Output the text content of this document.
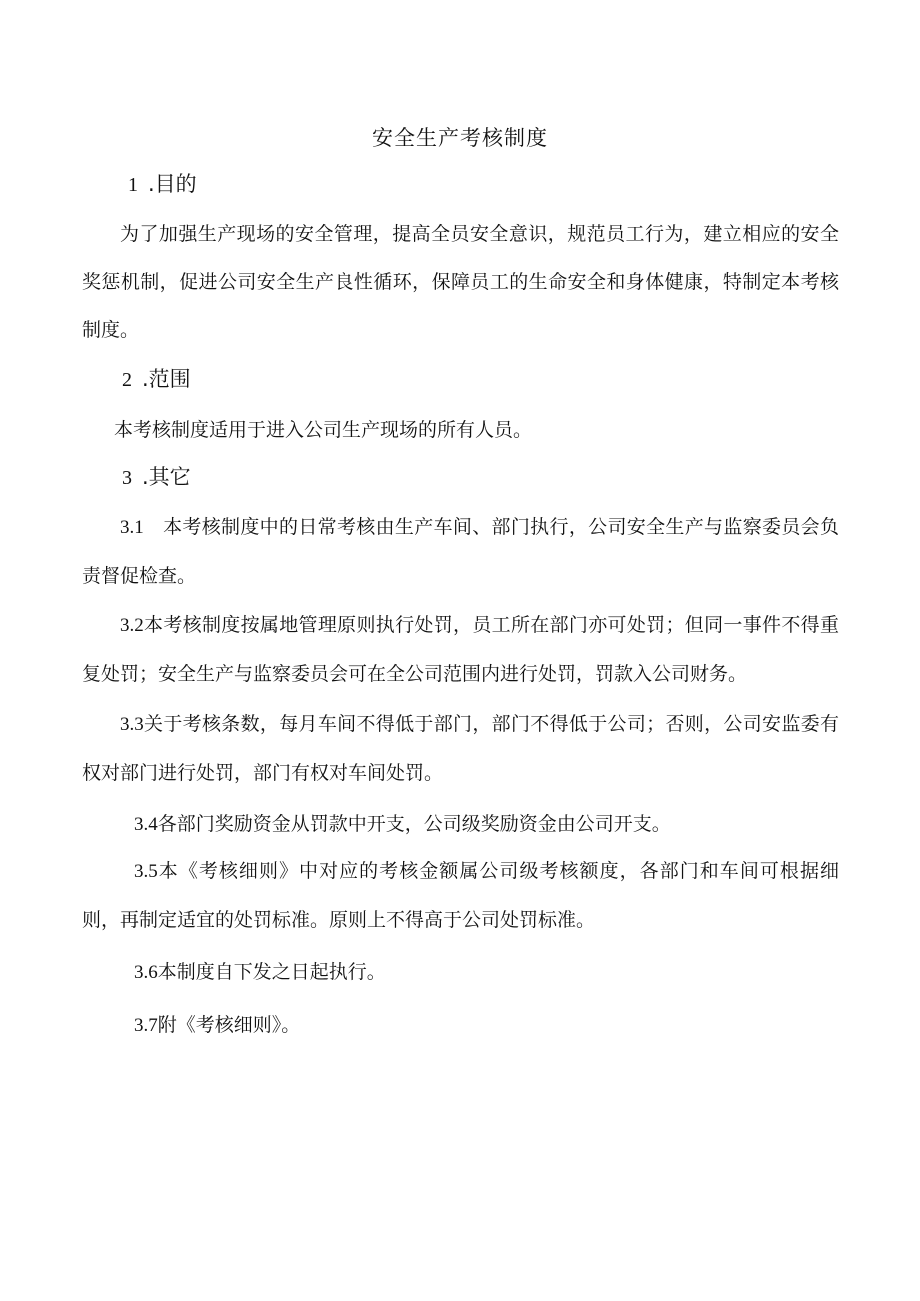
安全生产考核制度
1 .目的
为了加强生产现场的安全管理，提高全员安全意识，规范员工行为，建立相应的安全奖惩机制，促进公司安全生产良性循环，保障员工的生命安全和身体健康，特制定本考核制度。
2 .范围
本考核制度适用于进入公司生产现场的所有人员。
3 .其它
3.1  本考核制度中的日常考核由生产车间、部门执行，公司安全生产与监察委员会负责督促检查。
3.2本考核制度按属地管理原则执行处罚，员工所在部门亦可处罚；但同一事件不得重复处罚；安全生产与监察委员会可在全公司范围内进行处罚，罚款入公司财务。
3.3关于考核条数，每月车间不得低于部门，部门不得低于公司；否则，公司安监委有权对部门进行处罚，部门有权对车间处罚。
3.4各部门奖励资金从罚款中开支，公司级奖励资金由公司开支。
3.5本《考核细则》中对应的考核金额属公司级考核额度，各部门和车间可根据细则，再制定适宜的处罚标准。原则上不得高于公司处罚标准。
3.6本制度自下发之日起执行。
3.7附《考核细则》。
